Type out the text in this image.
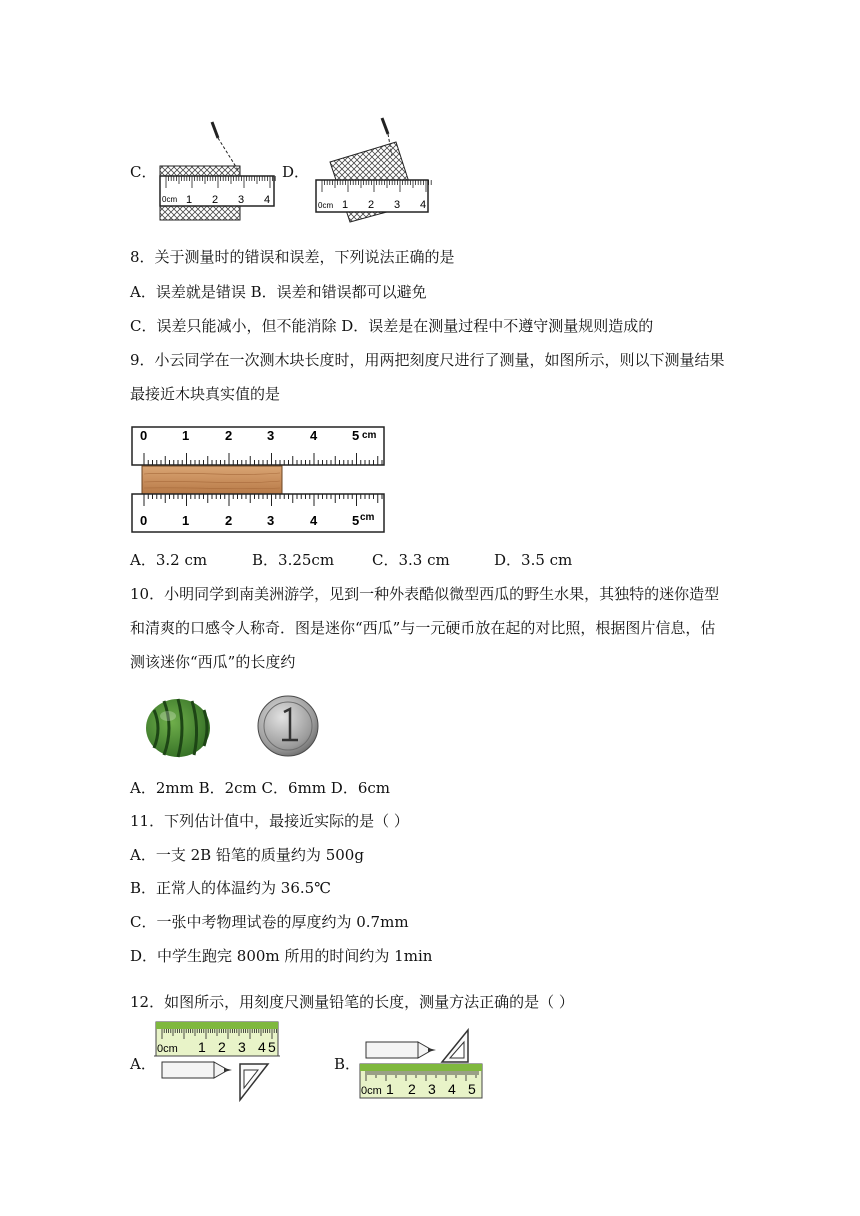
C．
0cm 1 2 3 4
D．
0cm 1 2 3 4
8．关于测量时的错误和误差，下列说法正确的是
A．误差就是错误 B．误差和错误都可以避免
C．误差只能减小，但不能消除 D．误差是在测量过程中不遵守测量规则造成的
9．小云同学在一次测木块长度时，用两把刻度尺进行了测量，如图所示，则以下测量结果
最接近木块真实值的是
0	1	2	3	4	5 cm
0	1	2	3	4	5 cm
A．3.2 cm	B．3.25cm	C．3.3 cm	D．3.5 cm
10．小明同学到南美洲游学，见到一种外表酷似微型西瓜的野生水果，其独特的迷你造型
和清爽的口感令人称奇．图是迷你“西瓜”与一元硬币放在起的对比照，根据图片信息，估
测该迷你“西瓜”的长度约
A．2mm B．2cm C．6mm D．6cm
11．下列估计值中，最接近实际的是（ ）
A．一支 2B 铅笔的质量约为 500g
B．正常人的体温约为 36.5℃
C．一张中考物理试卷的厚度约为 0.7mm
D．中学生跑完 800m 所用的时间约为 1min
12．如图所示，用刻度尺测量铅笔的长度，测量方法正确的是（ ）
A．
0cm 1 2 3 4 5
B．
0cm 1 2 3 4 5
